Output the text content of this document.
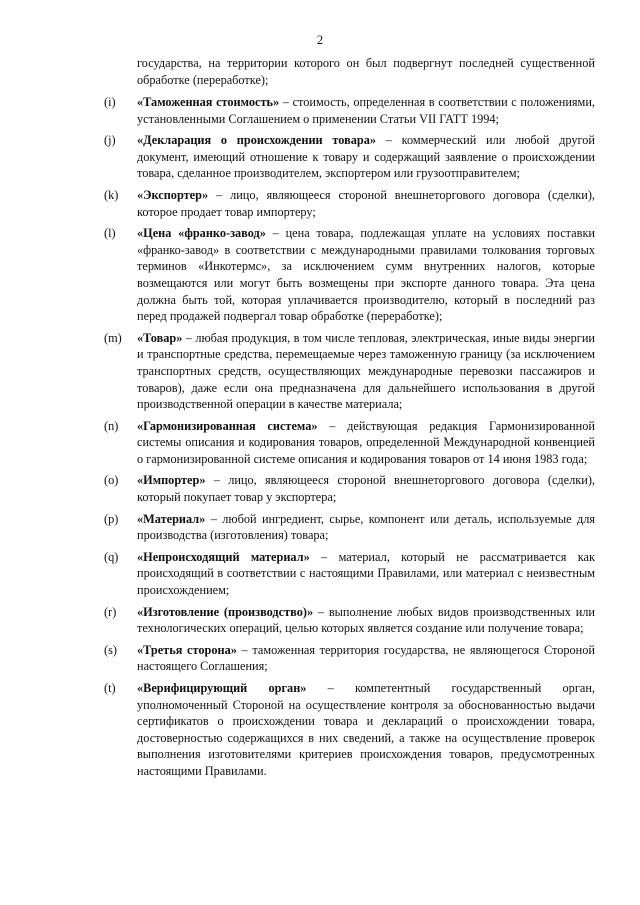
2
государства, на территории которого он был подвергнут последней существенной обработке (переработке);
(i)	«Таможенная стоимость» – стоимость, определенная в соответствии с положениями, установленными Соглашением о применении Статьи VII ГАТТ 1994;
(j)	«Декларация о происхождении товара» – коммерческий или любой другой документ, имеющий отношение к товару и содержащий заявление о происхождении товара, сделанное производителем, экспортером или грузоотправителем;
(k)	«Экспортер» – лицо, являющееся стороной внешнеторгового договора (сделки), которое продает товар импортеру;
(l)	«Цена «франко-завод» – цена товара, подлежащая уплате на условиях поставки «франко-завод» в соответствии с международными правилами толкования торговых терминов «Инкотермс», за исключением сумм внутренних налогов, которые возмещаются или могут быть возмещены при экспорте данного товара. Эта цена должна быть той, которая уплачивается производителю, который в последний раз перед продажей подвергал товар обработке (переработке);
(m)	«Товар» – любая продукция, в том числе тепловая, электрическая, иные виды энергии и транспортные средства, перемещаемые через таможенную границу (за исключением транспортных средств, осуществляющих международные перевозки пассажиров и товаров), даже если она предназначена для дальнейшего использования в другой производственной операции в качестве материала;
(n)	«Гармонизированная система» – действующая редакция Гармонизированной системы описания и кодирования товаров, определенной Международной конвенцией о гармонизированной системе описания и кодирования товаров от 14 июня 1983 года;
(o)	«Импортер» – лицо, являющееся стороной внешнеторгового договора (сделки), который покупает товар у экспортера;
(p)	«Материал» – любой ингредиент, сырье, компонент или деталь, используемые для производства (изготовления) товара;
(q)	«Непроисходящий материал» – материал, который не рассматривается как происходящий в соответствии с настоящими Правилами, или материал с неизвестным происхождением;
(r)	«Изготовление (производство)» – выполнение любых видов производственных или технологических операций, целью которых является создание или получение товара;
(s)	«Третья сторона» – таможенная территория государства, не являющегося Стороной настоящего Соглашения;
(t)	«Верифицирующий орган» – компетентный государственный орган, уполномоченный Стороной на осуществление контроля за обоснованностью выдачи сертификатов о происхождении товара и деклараций о происхождении товара, достоверностью содержащихся в них сведений, а также на осуществление проверок выполнения изготовителями критериев происхождения товаров, предусмотренных настоящими Правилами.
